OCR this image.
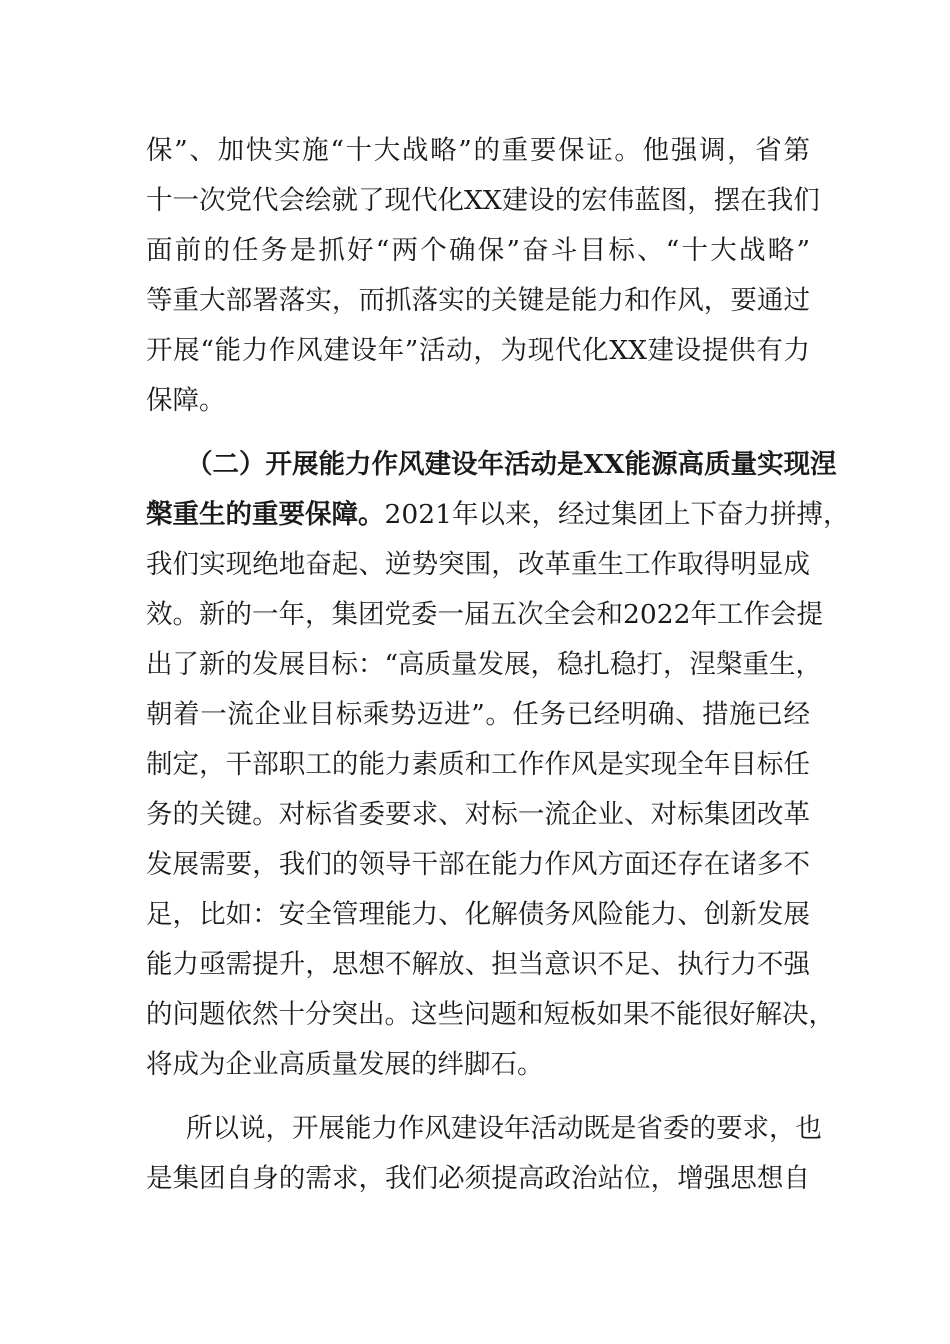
保”、加快实施“十大战略”的重要保证。他强调，省第
十一次党代会绘就了现代化XX建设的宏伟蓝图，摆在我们
面前的任务是抓好“两个确保”奋斗目标、“十大战略”
等重大部署落实，而抓落实的关键是能力和作风，要通过
开展“能力作风建设年”活动，为现代化XX建设提供有力
保障。
（二）开展能力作风建设年活动是XX能源高质量实现涅
槃重生的重要保障。2021年以来，经过集团上下奋力拼搏，
我们实现绝地奋起、逆势突围，改革重生工作取得明显成
效。新的一年，集团党委一届五次全会和2022年工作会提
出了新的发展目标：“高质量发展，稳扎稳打，涅槃重生，
朝着一流企业目标乘势迈进”。任务已经明确、措施已经
制定，干部职工的能力素质和工作作风是实现全年目标任
务的关键。对标省委要求、对标一流企业、对标集团改革
发展需要，我们的领导干部在能力作风方面还存在诸多不
足，比如：安全管理能力、化解债务风险能力、创新发展
能力亟需提升，思想不解放、担当意识不足、执行力不强
的问题依然十分突出。这些问题和短板如果不能很好解决，
将成为企业高质量发展的绊脚石。
所以说，开展能力作风建设年活动既是省委的要求，也
是集团自身的需求，我们必须提高政治站位，增强思想自
